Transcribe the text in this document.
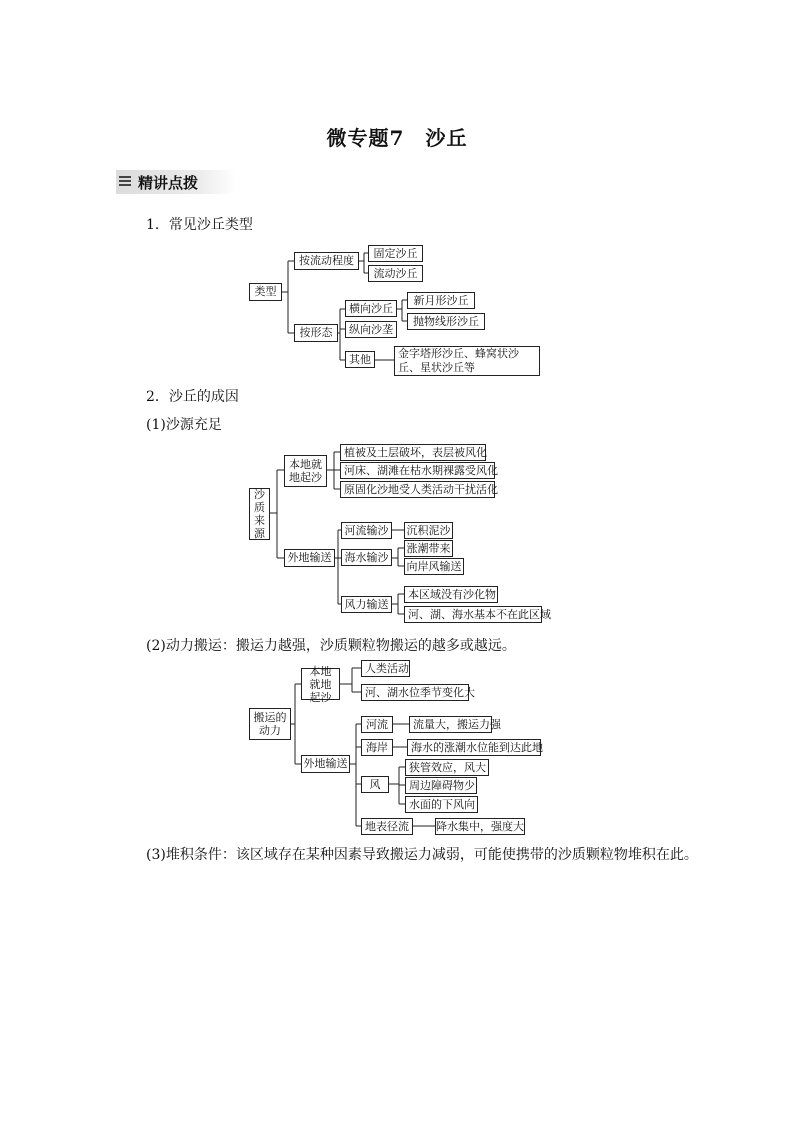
微专题7　沙丘
精讲点拨
1．常见沙丘类型
类型
按流动程度
固定沙丘
流动沙丘
按形态
横向沙丘
新月形沙丘
抛物线形沙丘
纵向沙垄
其他	金字塔形沙丘、蜂窝状沙丘、星状沙丘等
2．沙丘的成因
(1)沙源充足
沙质来源
本地就地起沙
植被及土层破坏，表层被风化
河床、湖滩在枯水期裸露受风化
原固化沙地受人类活动干扰活化
外地输送
河流输沙	沉积泥沙
海水输沙
涨潮带来
向岸风输送
风力输送
本区域没有沙化物
河、湖、海水基本不在此区域
(2)动力搬运：搬运力越强，沙质颗粒物搬运的越多或越远。
搬运的动力
本地就地起沙
人类活动
河、湖水位季节变化大
外地输送
河流	流量大，搬运力强
海岸	海水的涨潮水位能到达此地
风
狭管效应，风大
周边障碍物少
水面的下风向
地表径流	降水集中，强度大
(3)堆积条件：该区域存在某种因素导致搬运力减弱，可能使携带的沙质颗粒物堆积在此。
